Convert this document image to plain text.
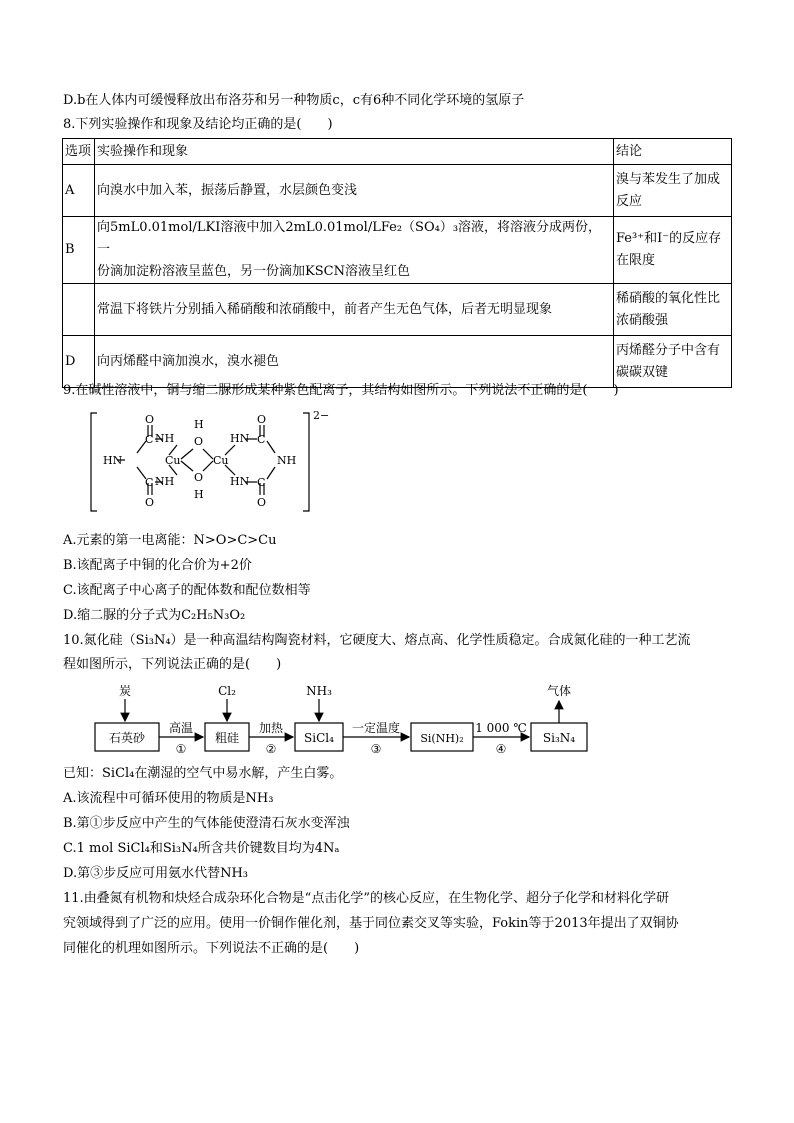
D.b在人体内可缓慢释放出布洛芬和另一种物质c，c有6种不同化学环境的氢原子
8.下列实验操作和现象及结论均正确的是(　　)
选项	实验操作和现象	结论
A	向溴水中加入苯，振荡后静置，水层颜色变浅	溴与苯发生了加成
反应
B	向5mL0.01mol/LKI溶液中加入2mL0.01mol/LFe₂（SO₄）₃溶液，将溶液分成两份，一
份滴加淀粉溶液呈蓝色，另一份滴加KSCN溶液呈红色	Fe³⁺和I⁻的反应存
在限度
	常温下将铁片分别插入稀硝酸和浓硝酸中，前者产生无色气体，后者无明显现象	稀硝酸的氧化性比
浓硝酸强
D	向丙烯醛中滴加溴水，溴水褪色	丙烯醛分子中含有
碳碳双键
9.在碱性溶液中，铜与缩二脲形成某种紫色配离子，其结构如图所示。下列说法不正确的是(　　)
O
C
HN
C
O
NH
NH
H
O
Cu	Cu
O
H
HN
HN
C
O
C
O
NH
2−
A.元素的第一电离能：N>O>C>Cu
B.该配离子中铜的化合价为+2价
C.该配离子中心离子的配体数和配位数相等
D.缩二脲的分子式为C₂H₅N₃O₂
10.氮化硅（Si₃N₄）是一种高温结构陶瓷材料，它硬度大、熔点高、化学性质稳定。合成氮化硅的一种工艺流
程如图所示，下列说法正确的是(　　)
炭	Cl₂	NH₃	气体
石英砂	粗硅	SiCl₄	Si(NH)₂	Si₃N₄
高温	加热	一定温度	1 000 ℃
①	②	③	④
已知：SiCl₄在潮湿的空气中易水解，产生白雾。
A.该流程中可循环使用的物质是NH₃
B.第①步反应中产生的气体能使澄清石灰水变浑浊
C.1 mol SiCl₄和Si₃N₄所含共价键数目均为4Nₐ
D.第③步反应可用氨水代替NH₃
11.由叠氮有机物和炔烃合成杂环化合物是“点击化学”的核心反应，在生物化学、超分子化学和材料化学研
究领域得到了广泛的应用。使用一价铜作催化剂，基于同位素交叉等实验，Fokin等于2013年提出了双铜协
同催化的机理如图所示。下列说法不正确的是(　　)
